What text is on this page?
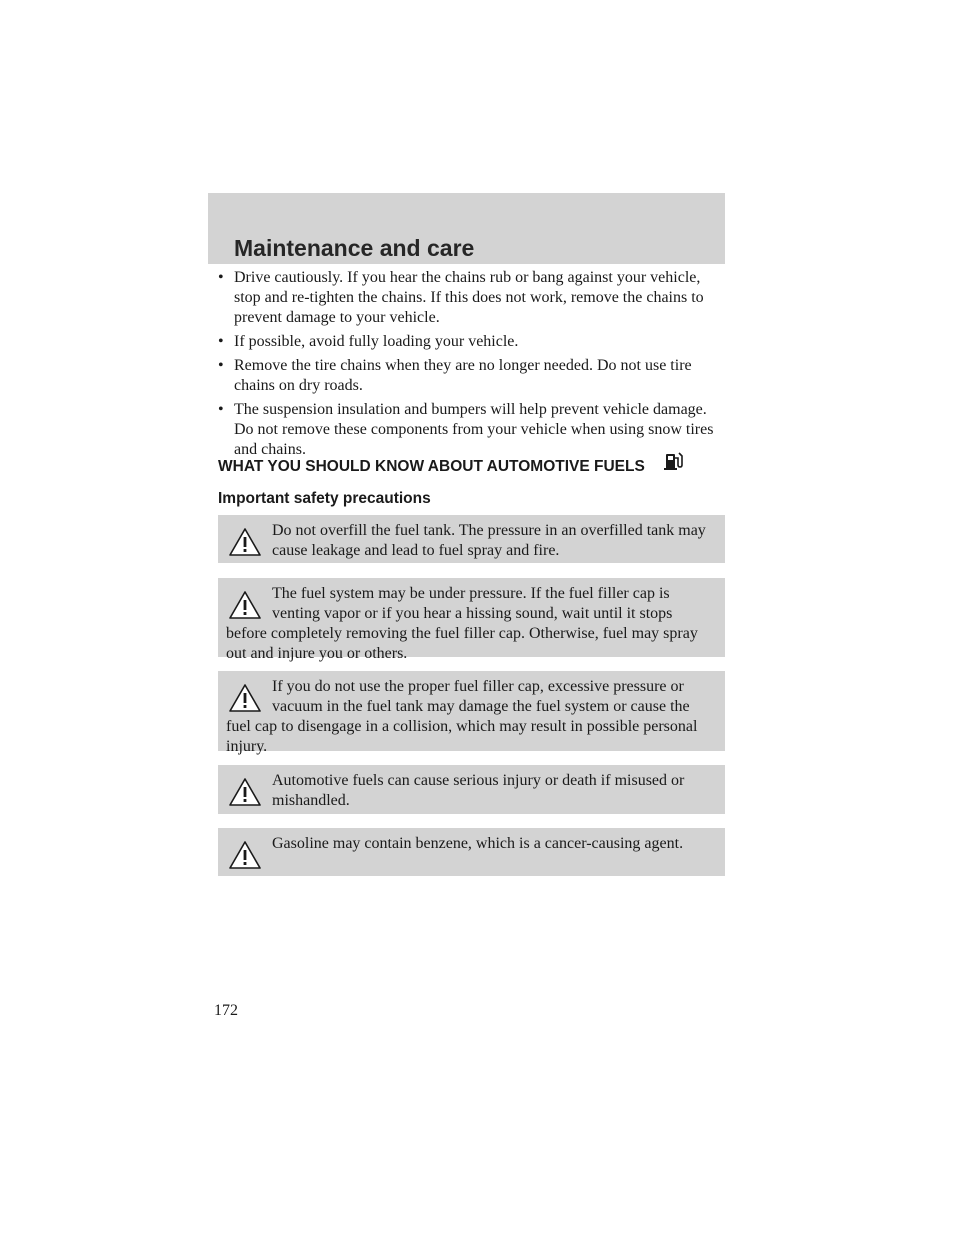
Maintenance and care
• Drive cautiously. If you hear the chains rub or bang against your vehicle, stop and re-tighten the chains. If this does not work, remove the chains to prevent damage to your vehicle.
• If possible, avoid fully loading your vehicle.
• Remove the tire chains when they are no longer needed. Do not use tire chains on dry roads.
• The suspension insulation and bumpers will help prevent vehicle damage. Do not remove these components from your vehicle when using snow tires and chains.
WHAT YOU SHOULD KNOW ABOUT AUTOMOTIVE FUELS
Important safety precautions
Do not overfill the fuel tank. The pressure in an overfilled tank may cause leakage and lead to fuel spray and fire.
The fuel system may be under pressure. If the fuel filler cap is venting vapor or if you hear a hissing sound, wait until it stops before completely removing the fuel filler cap. Otherwise, fuel may spray out and injure you or others.
If you do not use the proper fuel filler cap, excessive pressure or vacuum in the fuel tank may damage the fuel system or cause the fuel cap to disengage in a collision, which may result in possible personal injury.
Automotive fuels can cause serious injury or death if misused or mishandled.
Gasoline may contain benzene, which is a cancer-causing agent.
172
